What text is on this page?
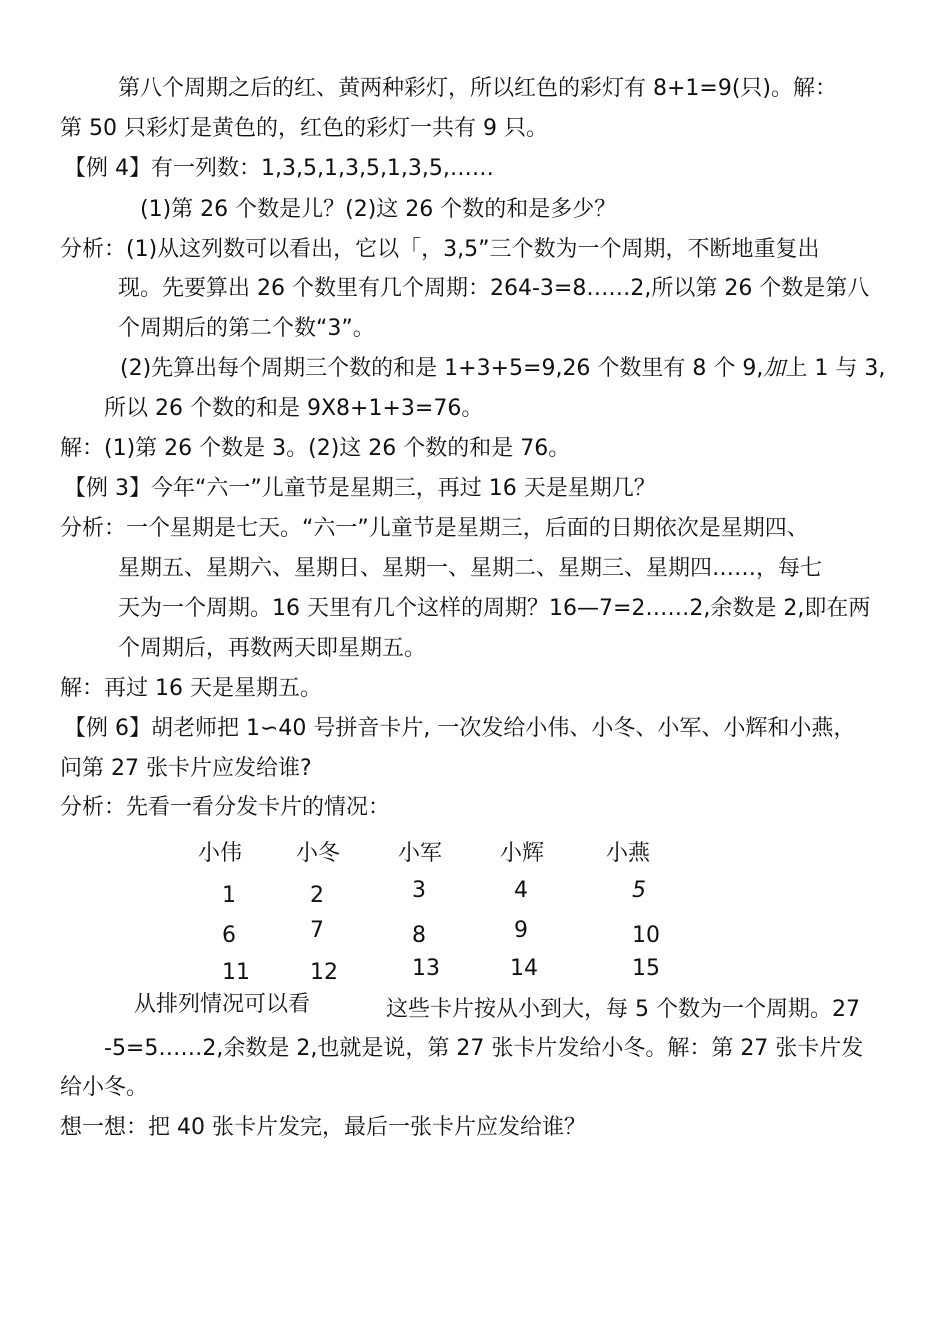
第八个周期之后的红、黄两种彩灯，所以红色的彩灯有 8+1=9(只)。解：
第 50 只彩灯是黄色的，红色的彩灯一共有 9 只。
【例 4】有一列数：1,3,5,1,3,5,1,3,5,……
(1)第 26 个数是儿？(2)这 26 个数的和是多少？
分析：(1)从这列数可以看出，它以「，3,5”三个数为一个周期，不断地重复出
现。先要算出 26 个数里有几个周期：264-3=8……2,所以第 26 个数是第八
个周期后的第二个数“3”。
(2)先算出每个周期三个数的和是 1+3+5=9,26 个数里有 8 个 9,加上 1 与 3,
所以 26 个数的和是 9X8+1+3=76。
解：(1)第 26 个数是 3。(2)这 26 个数的和是 76。
【例 3】今年“六一”儿童节是星期三，再过 16 天是星期几？
分析：一个星期是七天。“六一”儿童节是星期三，后面的日期依次是星期四、
星期五、星期六、星期日、星期一、星期二、星期三、星期四……，每七
天为一个周期。16 天里有几个这样的周期？16—7=2……2,余数是 2,即在两
个周期后，再数两天即星期五。
解：再过 16 天是星期五。
【例 6】胡老师把 1∽40 号拼音卡片, 一次发给小伟、小冬、小军、小辉和小燕，
问第 27 张卡片应发给谁?
分析：先看一看分发卡片的情况：
小伟 小冬	小军	小辉	小燕
1	2	3	4	5
6	7	8	9	10
11	12	13	14	15
从排列情况可以看	这些卡片按从小到大，每 5 个数为一个周期。27
-5=5……2,余数是 2,也就是说，第 27 张卡片发给小冬。解：第 27 张卡片发
给小冬。
想一想：把 40 张卡片发完，最后一张卡片应发给谁？
